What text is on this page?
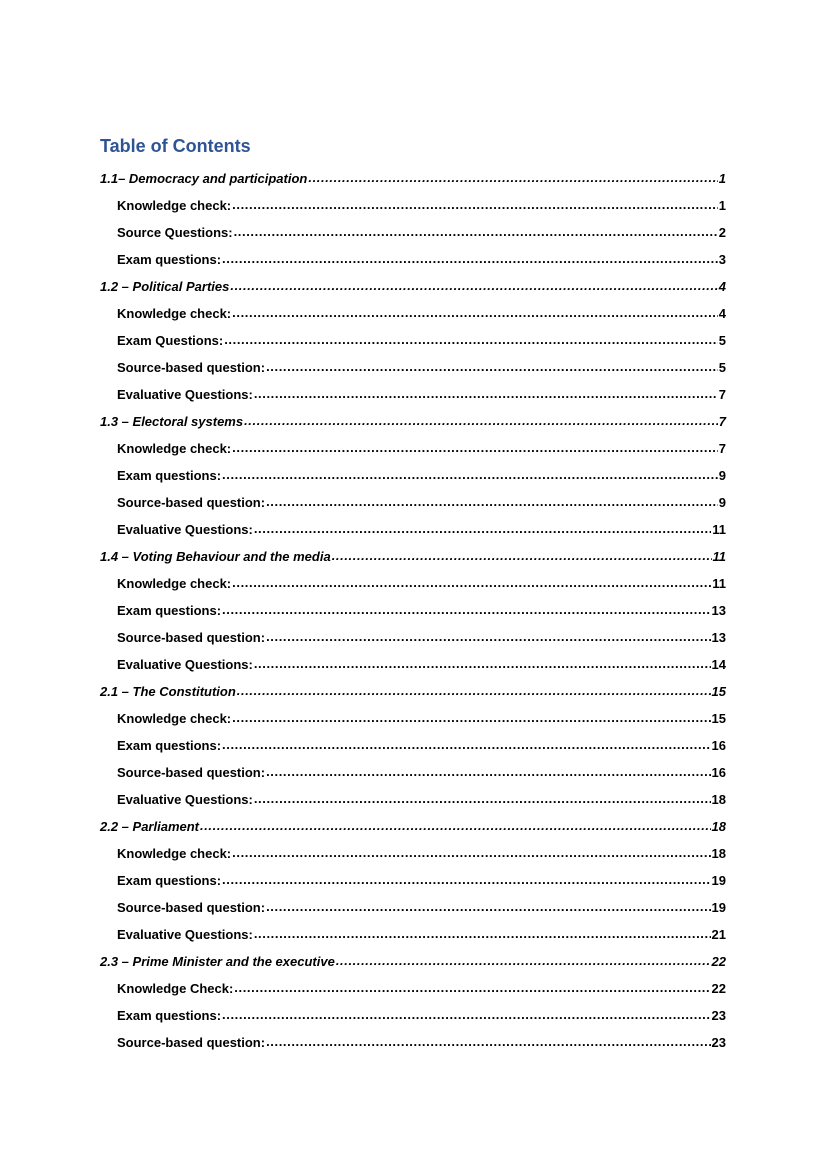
Table of Contents
1.1– Democracy and participation .....	1
Knowledge check: .....	1
Source Questions: .....	2
Exam questions: .....	3
1.2 – Political Parties .....	4
Knowledge check: .....	4
Exam Questions: .....	5
Source-based question: .....	5
Evaluative Questions: .....	7
1.3 – Electoral systems .....	7
Knowledge check: .....	7
Exam questions: .....	9
Source-based question: .....	9
Evaluative Questions: .....	11
1.4 – Voting Behaviour and the media .....	11
Knowledge check: .....	11
Exam questions: .....	13
Source-based question: .....	13
Evaluative Questions: .....	14
2.1 – The Constitution .....	15
Knowledge check: .....	15
Exam questions: .....	16
Source-based question: .....	16
Evaluative Questions: .....	18
2.2 – Parliament .....	18
Knowledge check: .....	18
Exam questions: .....	19
Source-based question: .....	19
Evaluative Questions: .....	21
2.3 – Prime Minister and the executive .....	22
Knowledge Check: .....	22
Exam questions: .....	23
Source-based question: .....	23
